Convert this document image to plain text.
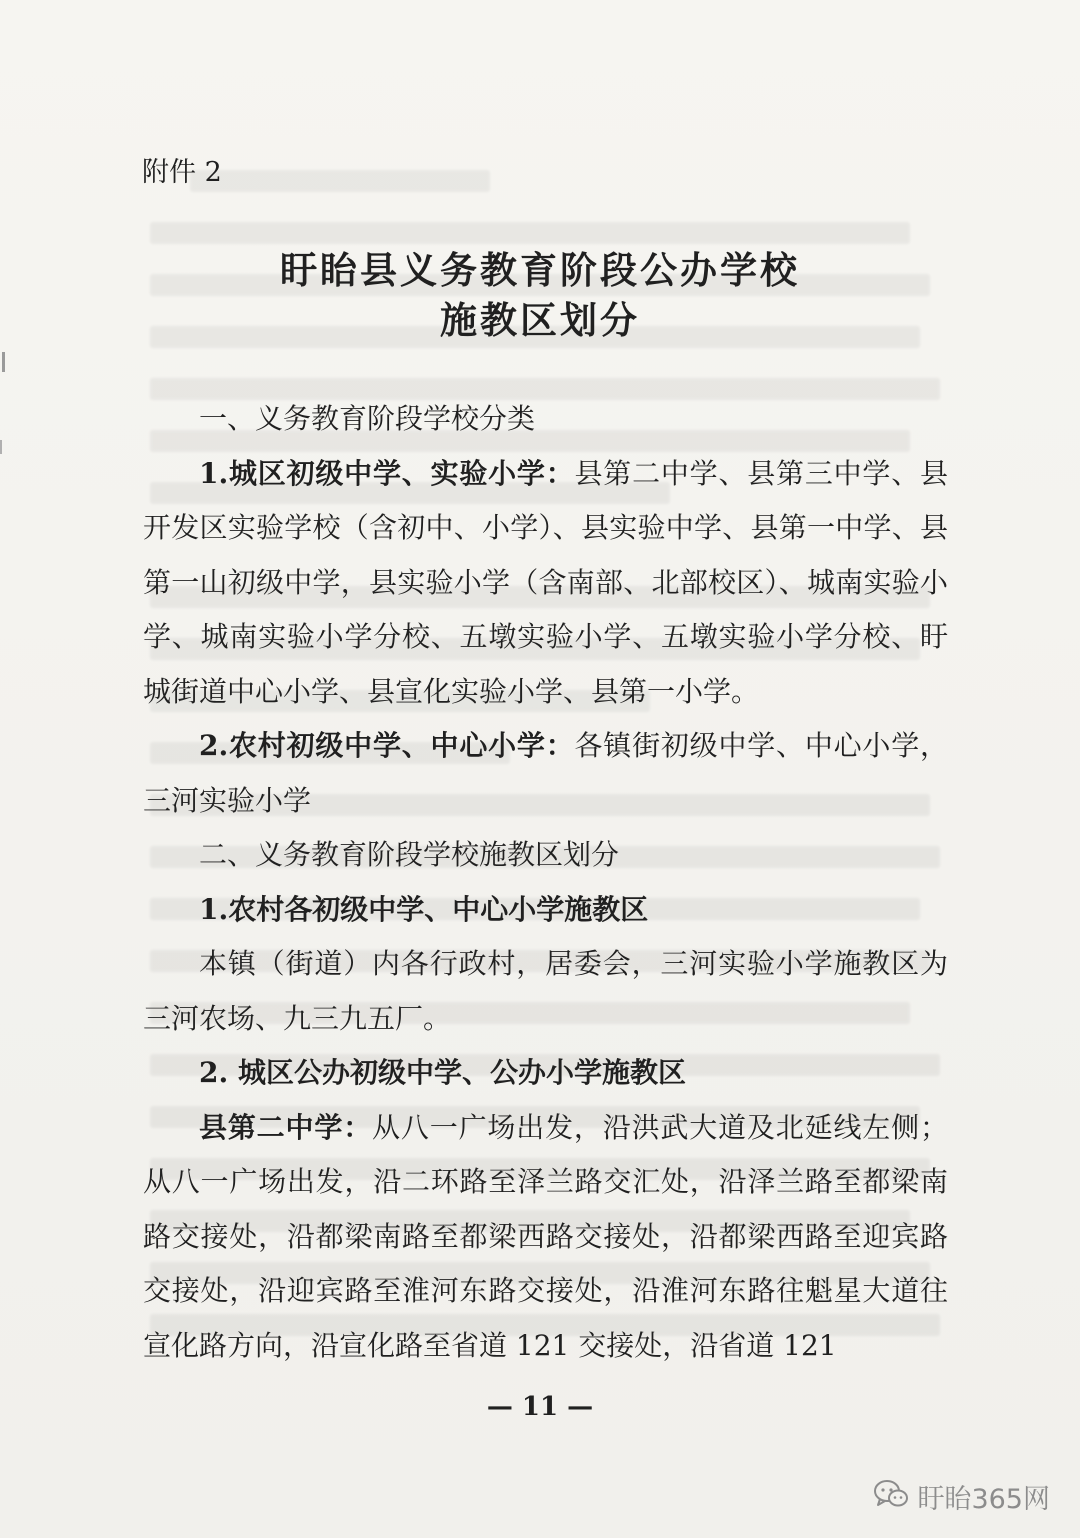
附件 2
盱眙县义务教育阶段公办学校
施教区划分

一、义务教育阶段学校分类

1.城区初级中学、实验小学：县第二中学、县第三中学、县开发区实验学校（含初中、小学）、县实验中学、县第一中学、县第一山初级中学，县实验小学（含南部、北部校区）、城南实验小学、城南实验小学分校、五墩实验小学、五墩实验小学分校、盱城街道中心小学、县宣化实验小学、县第一小学。

2.农村初级中学、中心小学：各镇街初级中学、中心小学，三河实验小学

二、义务教育阶段学校施教区划分

1.农村各初级中学、中心小学施教区

本镇（街道）内各行政村，居委会，三河实验小学施教区为三河农场、九三九五厂。

2. 城区公办初级中学、公办小学施教区

县第二中学：从八一广场出发，沿洪武大道及北延线左侧；从八一广场出发，沿二环路至泽兰路交汇处，沿泽兰路至都梁南路交接处，沿都梁南路至都梁西路交接处，沿都梁西路至迎宾路交接处，沿迎宾路至淮河东路交接处，沿淮河东路往魁星大道往宣化路方向，沿宣化路至省道 121 交接处，沿省道 121

— 11 —
盱眙365网
